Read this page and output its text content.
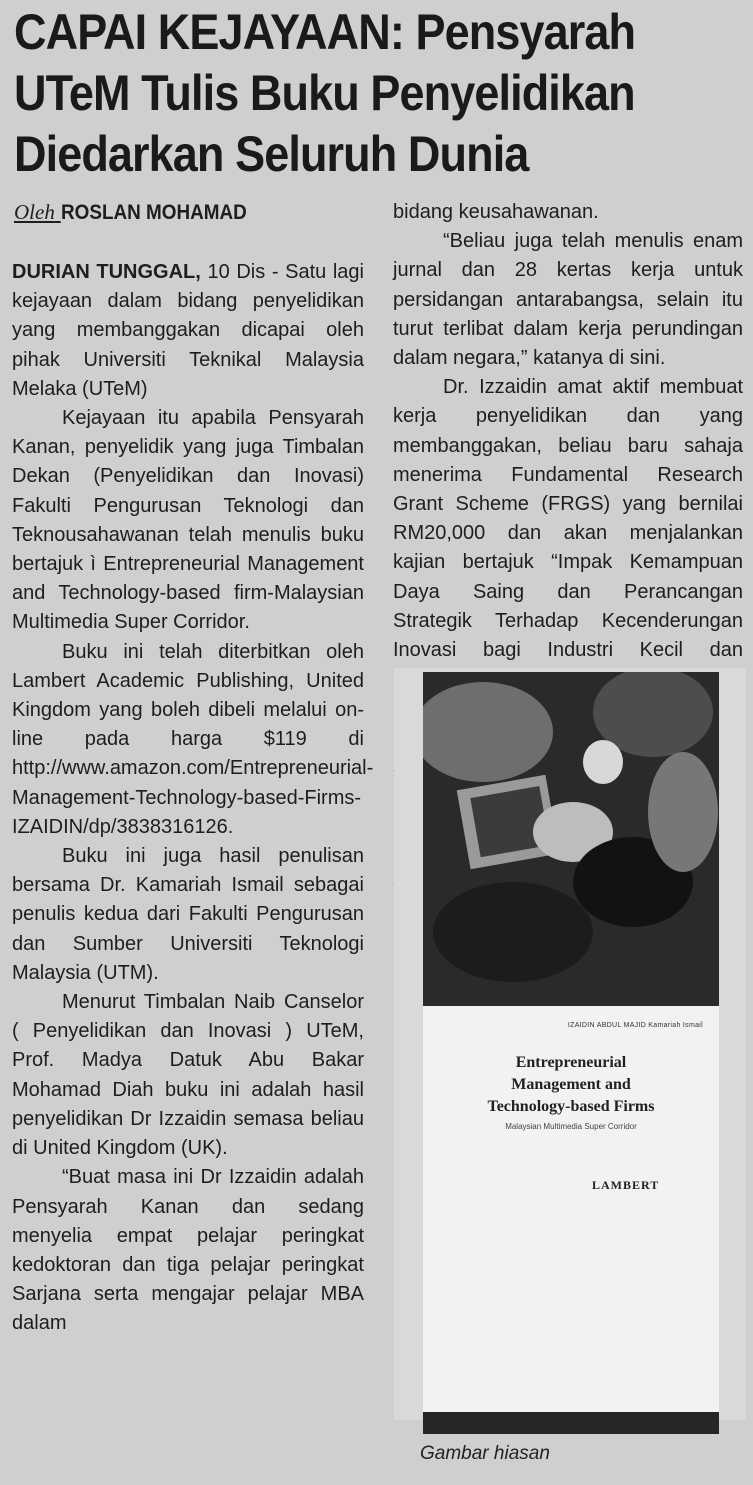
CAPAI KEJAYAAN: Pensyarah
UTeM Tulis Buku Penyelidikan
Diedarkan Seluruh Dunia
Oleh ROSLAN MOHAMAD

DURIAN TUNGGAL, 10 Dis - Satu lagi kejayaan dalam bidang penyelidikan yang membanggakan dicapai oleh pihak Universiti Teknikal Malaysia Melaka (UTeM)

Kejayaan itu apabila Pensyarah Kanan, penyelidik yang juga Timbalan Dekan (Penyelidikan dan Inovasi) Fakulti Pengurusan Teknologi dan Teknousahawanan telah menulis buku bertajuk ì Entrepreneurial Management and Technology-based firm-Malaysian Multimedia Super Corridor.

Buku ini telah diterbitkan oleh Lambert Academic Publishing, United Kingdom yang boleh dibeli melalui on-line pada harga $119 di http://www.amazon.com/Entrepreneurial-Management-Technology-based-Firms-IZAIDIN/dp/3838316126.

Buku ini juga hasil penulisan bersama Dr. Kamariah Ismail sebagai penulis kedua dari Fakulti Pengurusan dan Sumber Universiti Teknologi Malaysia (UTM).

Menurut Timbalan Naib Canselor ( Penyelidikan dan Inovasi ) UTeM, Prof. Madya Datuk Abu Bakar Mohamad Diah buku ini adalah hasil penyelidikan Dr Izzaidin semasa beliau di United Kingdom (UK).

“Buat masa ini Dr Izzaidin adalah Pensyarah Kanan dan sedang menyelia empat pelajar peringkat kedoktoran dan tiga pelajar peringkat Sarjana serta mengajar pelajar MBA dalam

bidang keusahawanan.

“Beliau juga telah menulis enam jurnal dan 28 kertas kerja untuk persidangan antarabangsa, selain itu turut terlibat dalam kerja perundingan dalam negara,” katanya di sini.

Dr. Izzaidin amat aktif membuat kerja penyelidikan dan yang membanggakan, beliau baru sahaja menerima Fundamental Research Grant Scheme (FRGS) yang bernilai RM20,000 dan akan menjalankan kajian bertajuk “Impak Kemampuan Daya Saing dan Perancangan Strategik Terhadap Kecenderungan Inovasi bagi Industri Kecil dan

IZAIDIN ABDUL MAJID Kamariah Ismail
Entrepreneurial
Management and
Technology-based Firms
Malaysian Multimedia Super Corridor
LAMBERT
Gambar hiasan
